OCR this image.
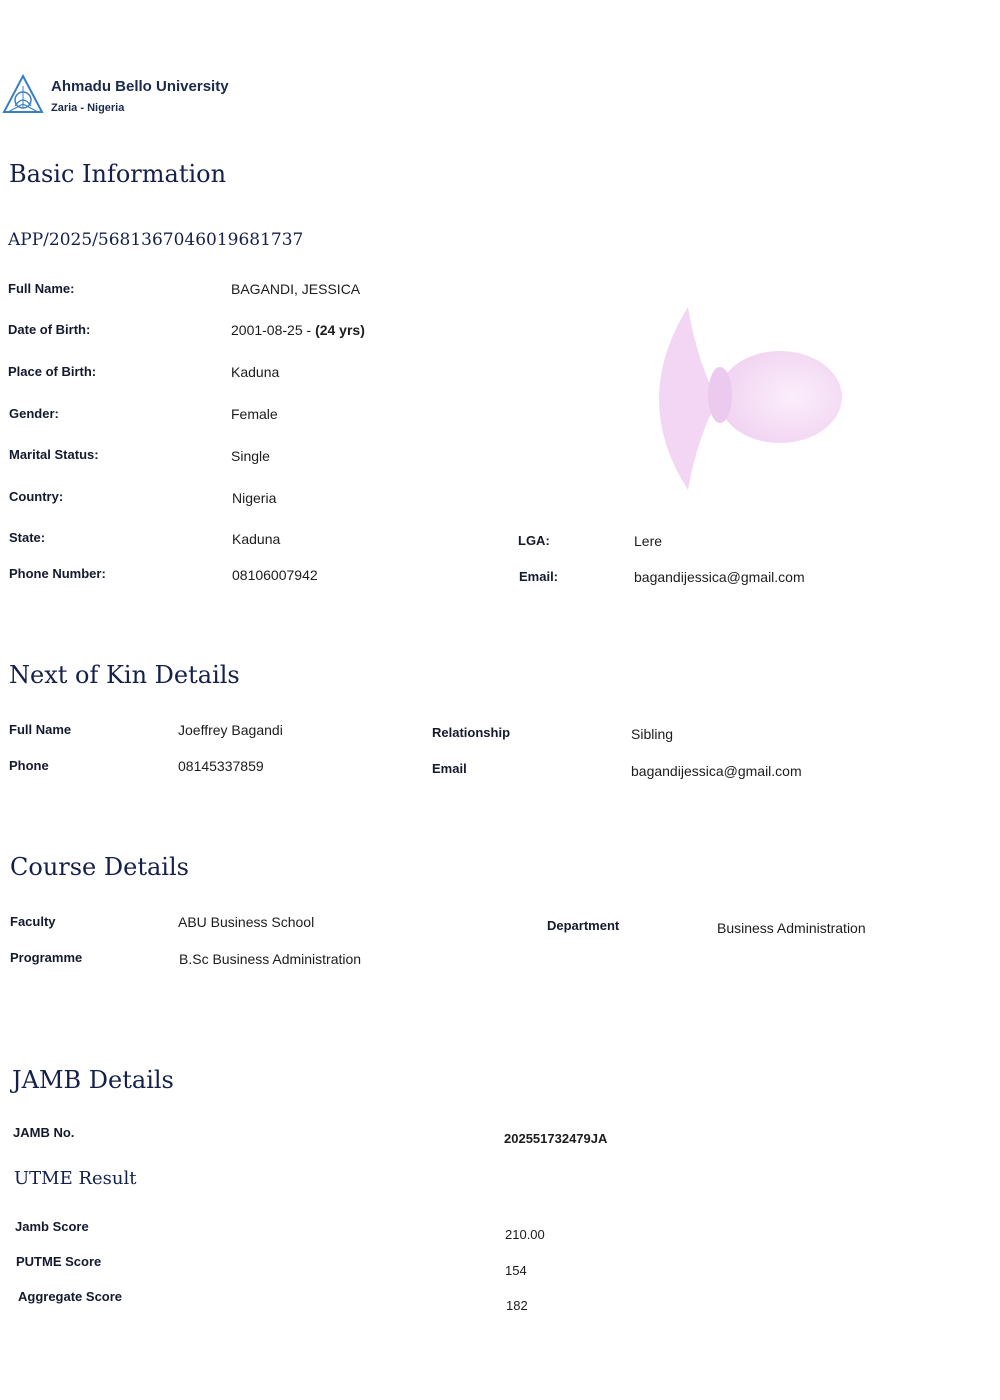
Ahmadu Bello University
Zaria - Nigeria
Basic Information
APP/2025/5681367046019681737
Full Name:	BAGANDI, JESSICA
Date of Birth:	2001-08-25 - (24 yrs)
Place of Birth:	Kaduna
Gender:	Female
Marital Status:	Single
Country:	Nigeria
State:	Kaduna	LGA:	Lere
Phone Number:	08106007942	Email:	bagandijessica@gmail.com
Next of Kin Details
Full Name	Joeffrey Bagandi	Relationship	Sibling
Phone	08145337859	Email	bagandijessica@gmail.com
Course Details
Faculty	ABU Business School	Department	Business Administration
Programme	B.Sc Business Administration
JAMB Details
JAMB No.	202551732479JA
UTME Result
Jamb Score
210.00
PUTME Score
154
Aggregate Score
182
